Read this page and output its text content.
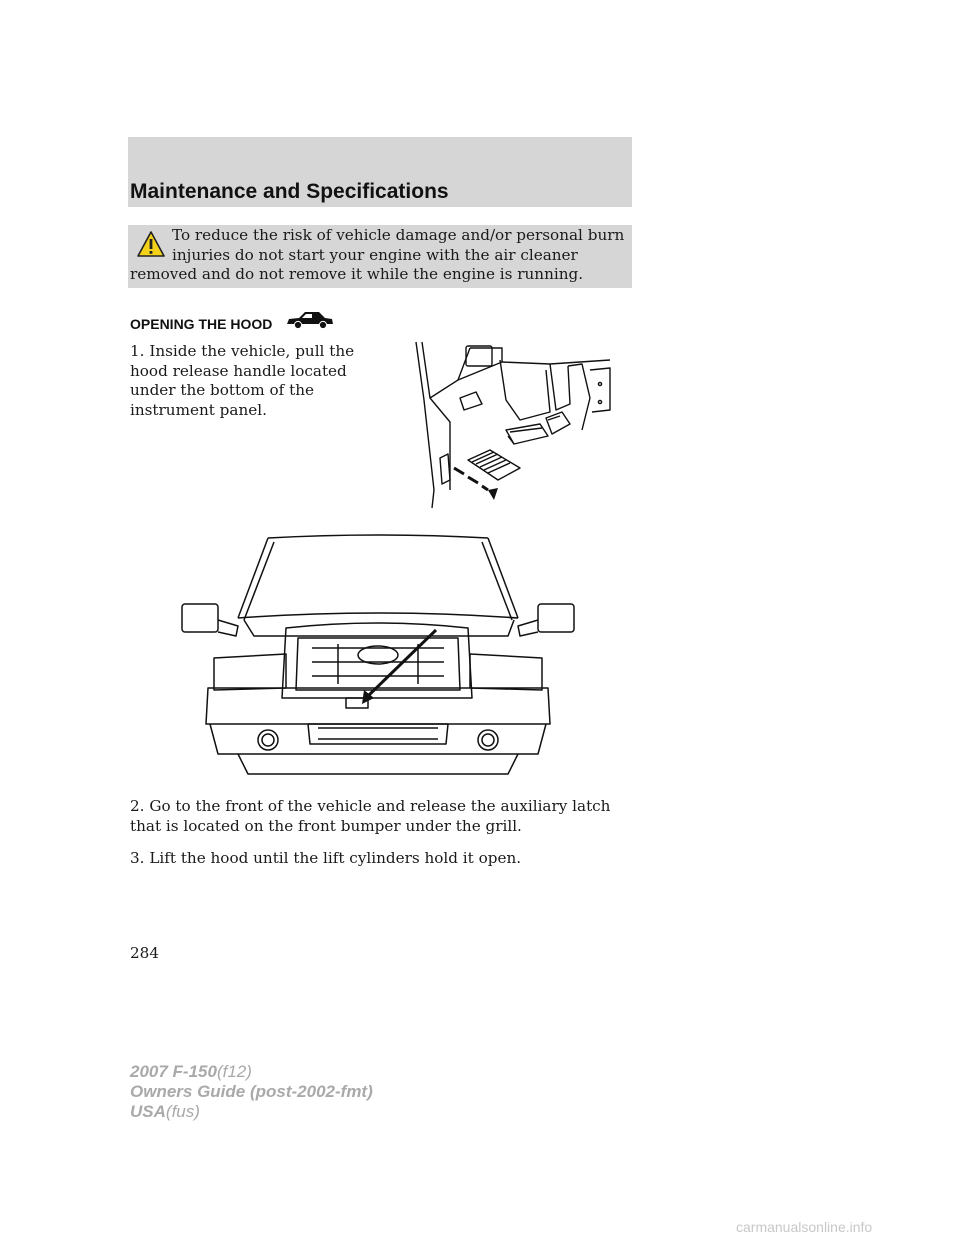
Maintenance and Specifications
To reduce the risk of vehicle damage and/or personal burn injuries do not start your engine with the air cleaner removed and do not remove it while the engine is running.
OPENING THE HOOD
1. Inside the vehicle, pull the hood release handle located under the bottom of the instrument panel.
2. Go to the front of the vehicle and release the auxiliary latch that is located on the front bumper under the grill.
3. Lift the hood until the lift cylinders hold it open.
284
2007 F-150(f12)
Owners Guide (post-2002-fmt)
USA(fus)
carmanualsonline.info
